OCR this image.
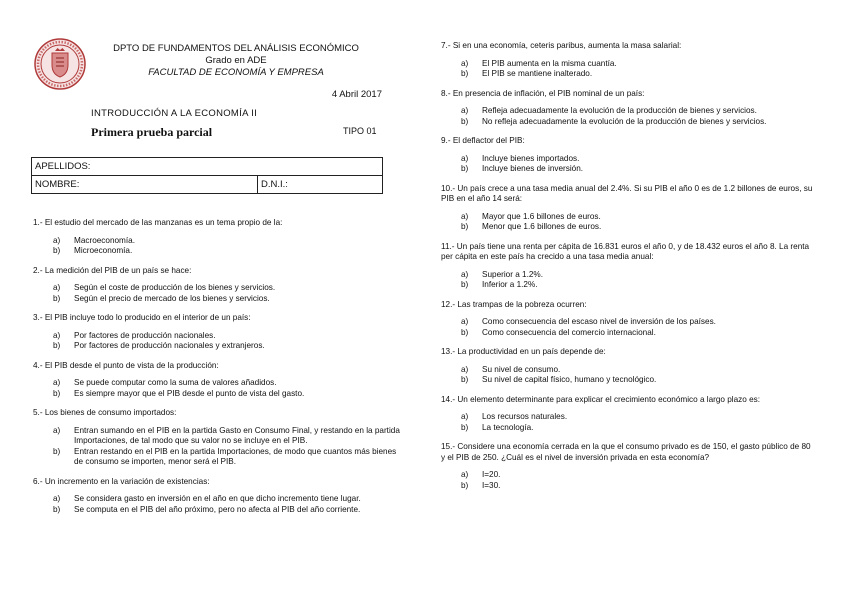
DPTO DE FUNDAMENTOS DEL ANÁLISIS ECONÓMICO
Grado en ADE
FACULTAD DE ECONOMÍA Y EMPRESA
4 Abril 2017
INTRODUCCIÓN A LA ECONOMÍA II
Primera prueba parcial	TIPO 01
APELLIDOS:
NOMBRE:	D.N.I.:

1.- El estudio del mercado de las manzanas es un tema propio de la:

a)	Macroeconomía.
b)	Microeconomía.

2.- La medición del PIB de un país se hace:

a)	Según el coste de producción de los bienes y servicios.
b)	Según el precio de mercado de los bienes y servicios.

3.- El PIB incluye todo lo producido en el interior de un país:

a)	Por factores de producción nacionales.
b)	Por factores de producción nacionales y extranjeros.

4.- El PIB desde el punto de vista de la producción:

a)	Se puede computar como la suma de valores añadidos.
b)	Es siempre mayor que el PIB desde el punto de vista del gasto.

5.- Los bienes de consumo importados:

a)	Entran sumando en el PIB en la partida Gasto en Consumo Final, y restando en la partida Importaciones, de tal modo que su valor no se incluye en el PIB.
b)	Entran restando en el PIB en la partida Importaciones, de modo que cuantos más bienes de consumo se importen, menor será el PIB.

6.- Un incremento en la variación de existencias:

a)	Se considera gasto en inversión en el año en que dicho incremento tiene lugar.
b)	Se computa en el PIB del año próximo, pero no afecta al PIB del año corriente.

7.- Si en una economía, ceteris paribus, aumenta la masa salarial:

a)	El PIB aumenta en la misma cuantía.
b)	El PIB se mantiene inalterado.

8.- En presencia de inflación, el PIB nominal de un país:

a)	Refleja adecuadamente la evolución de la producción de bienes y servicios.
b)	No refleja adecuadamente la evolución de la producción de bienes y servicios.

9.- El deflactor del PIB:

a)	Incluye bienes importados.
b)	Incluye bienes de inversión.

10.- Un país crece a una tasa media anual del 2.4%. Si su PIB el año 0 es de 1.2 billones de euros, su PIB en el año 14 será:

a)	Mayor que 1.6 billones de euros.
b)	Menor que 1.6 billones de euros.

11.- Un país tiene una renta per cápita de 16.831 euros el año 0, y de 18.432 euros el año 8. La renta per cápita en este país ha crecido a una tasa media anual:

a)	Superior a 1.2%.
b)	Inferior a 1.2%.

12.- Las trampas de la pobreza ocurren:

a)	Como consecuencia del escaso nivel de inversión de los países.
b)	Como consecuencia del comercio internacional.

13.- La productividad en un país depende de:

a)	Su nivel de consumo.
b)	Su nivel de capital físico, humano y tecnológico.

14.- Un elemento determinante para explicar el crecimiento económico a largo plazo es:

a)	Los recursos naturales.
b)	La tecnología.

15.- Considere una economía cerrada en la que el consumo privado es de 150, el gasto público de 80 y el PIB de 250. ¿Cuál es el nivel de inversión privada en esta economía?

a)	I=20.
b)	I=30.
